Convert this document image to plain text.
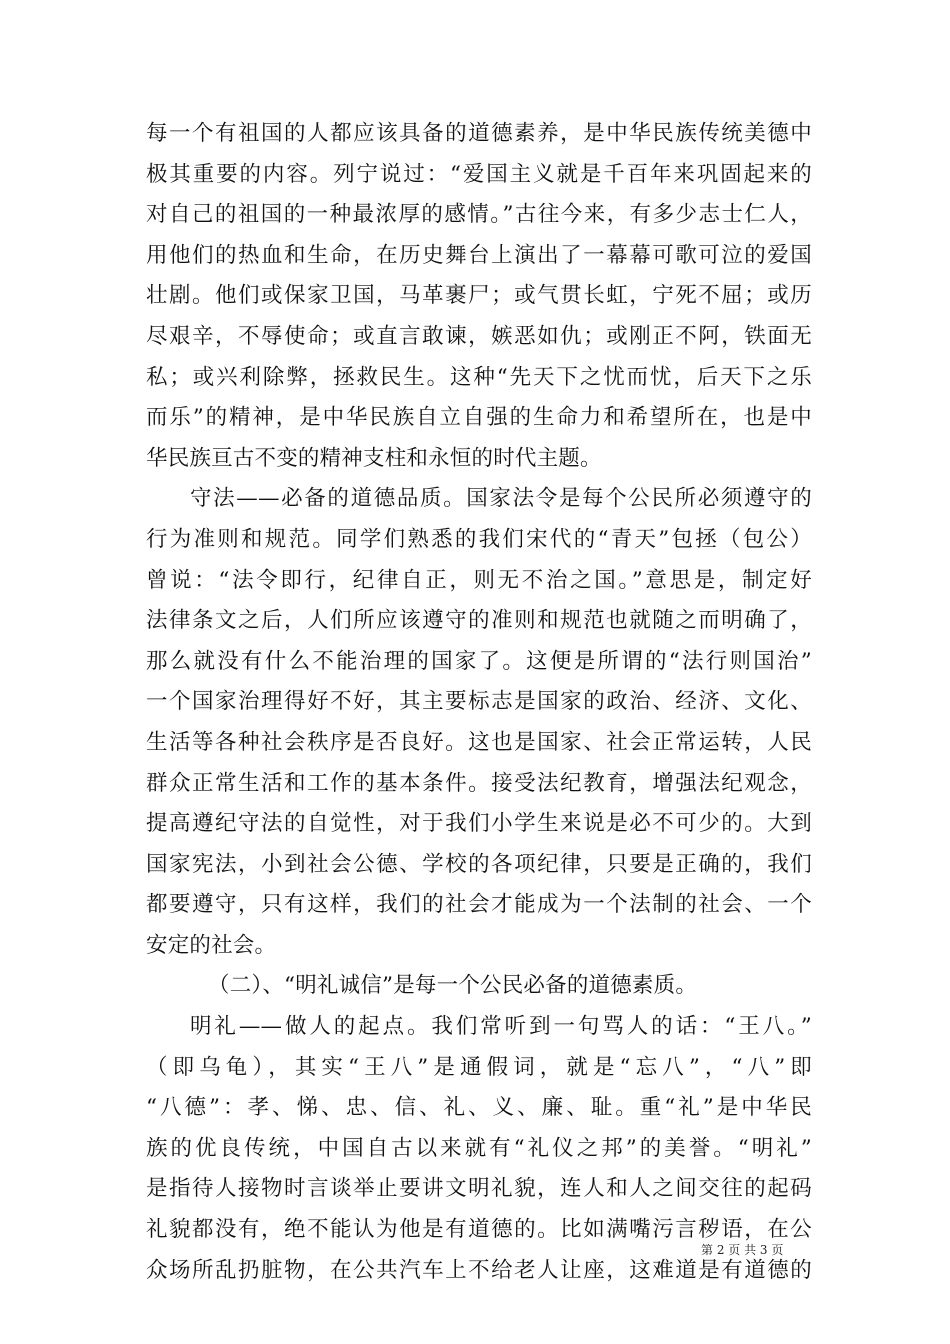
每一个有祖国的人都应该具备的道德素养，是中华民族传统美德中
极其重要的内容。列宁说过：“爱国主义就是千百年来巩固起来的
对自己的祖国的一种最浓厚的感情。”古往今来，有多少志士仁人，
用他们的热血和生命，在历史舞台上演出了一幕幕可歌可泣的爱国
壮剧。他们或保家卫国，马革裹尸；或气贯长虹，宁死不屈；或历
尽艰辛，不辱使命；或直言敢谏，嫉恶如仇；或刚正不阿，铁面无
私；或兴利除弊，拯救民生。这种“先天下之忧而忧，后天下之乐
而乐”的精神，是中华民族自立自强的生命力和希望所在，也是中
华民族亘古不变的精神支柱和永恒的时代主题。
守法——必备的道德品质。国家法令是每个公民所必须遵守的
行为准则和规范。同学们熟悉的我们宋代的“青天”包拯（包公）
曾说：“法令即行，纪律自正，则无不治之国。”意思是，制定好
法律条文之后，人们所应该遵守的准则和规范也就随之而明确了，
那么就没有什么不能治理的国家了。这便是所谓的“法行则国治”
一个国家治理得好不好，其主要标志是国家的政治、经济、文化、
生活等各种社会秩序是否良好。这也是国家、社会正常运转，人民
群众正常生活和工作的基本条件。接受法纪教育，增强法纪观念，
提高遵纪守法的自觉性，对于我们小学生来说是必不可少的。大到
国家宪法，小到社会公德、学校的各项纪律，只要是正确的，我们
都要遵守，只有这样，我们的社会才能成为一个法制的社会、一个
安定的社会。
（二）、“明礼诚信”是每一个公民必备的道德素质。
明礼——做人的起点。我们常听到一句骂人的话：“王八。”
（即乌龟），其实“王八”是通假词，就是“忘八”，“八”即
“八德”：孝、悌、忠、信、礼、义、廉、耻。重“礼”是中华民
族的优良传统，中国自古以来就有“礼仪之邦”的美誉。“明礼”
是指待人接物时言谈举止要讲文明礼貌，连人和人之间交往的起码
礼貌都没有，绝不能认为他是有道德的。比如满嘴污言秽语，在公
众场所乱扔脏物，在公共汽车上不给老人让座，这难道是有道德的
第 2 页 共 3 页
